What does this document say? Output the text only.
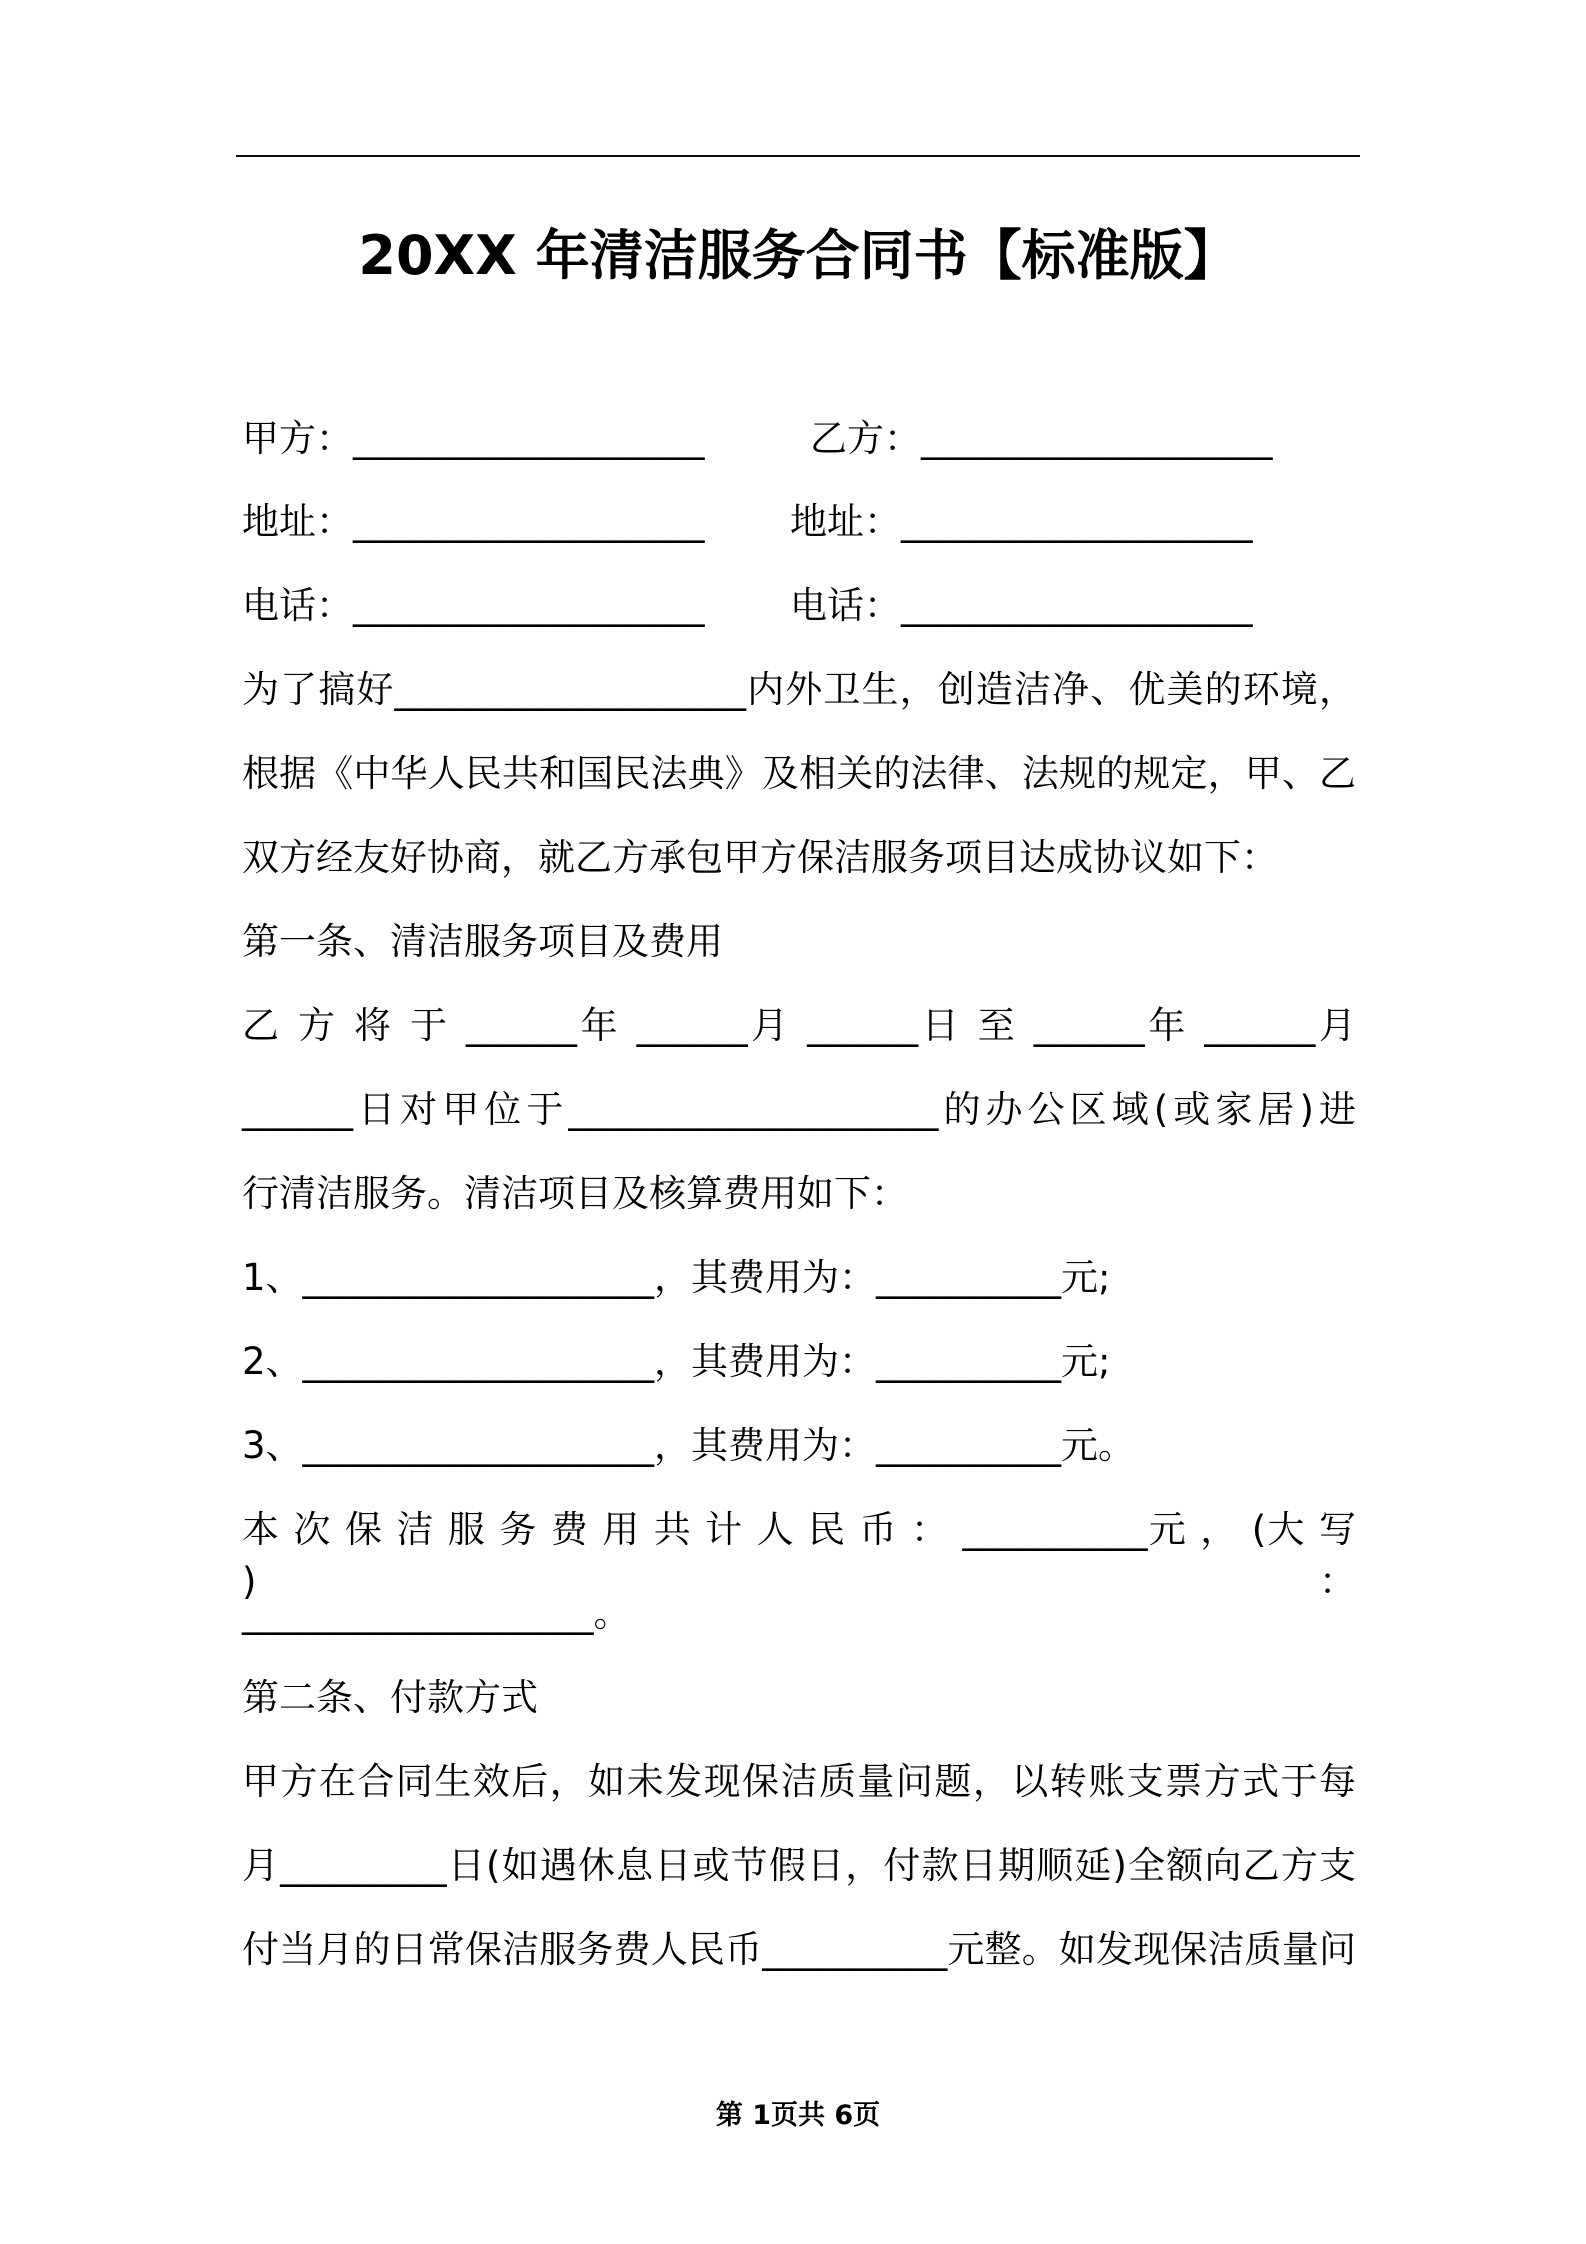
20XX 年清洁服务合同书【标准版】
甲方：___________________	乙方：___________________
地址：___________________ 地址：___________________
电话：___________________ 电话：___________________
为了搞好___________________内外卫生，创造洁净、优美的环境，
根据《中华人民共和国民法典》及相关的法律、法规的规定，甲、乙
双方经友好协商，就乙方承包甲方保洁服务项目达成协议如下：
第一条、清洁服务项目及费用
乙 方 将 于 ______年 ______月 ______日 至 ______年 ______月
______日对甲位于____________________的办公区域(或家居)进
行清洁服务。清洁项目及核算费用如下：
1、___________________，其费用为：__________元;
2、___________________，其费用为：__________元;
3、___________________，其费用为：__________元。
本 次 保 洁 服 务 费 用 共 计 人 民 币 ： __________元 ， (大 写 )：
___________________。
第二条、付款方式
甲方在合同生效后，如未发现保洁质量问题，以转账支票方式于每
月_________日(如遇休息日或节假日，付款日期顺延)全额向乙方支
付当月的日常保洁服务费人民币__________元整。如发现保洁质量问
第 1页共 6页
